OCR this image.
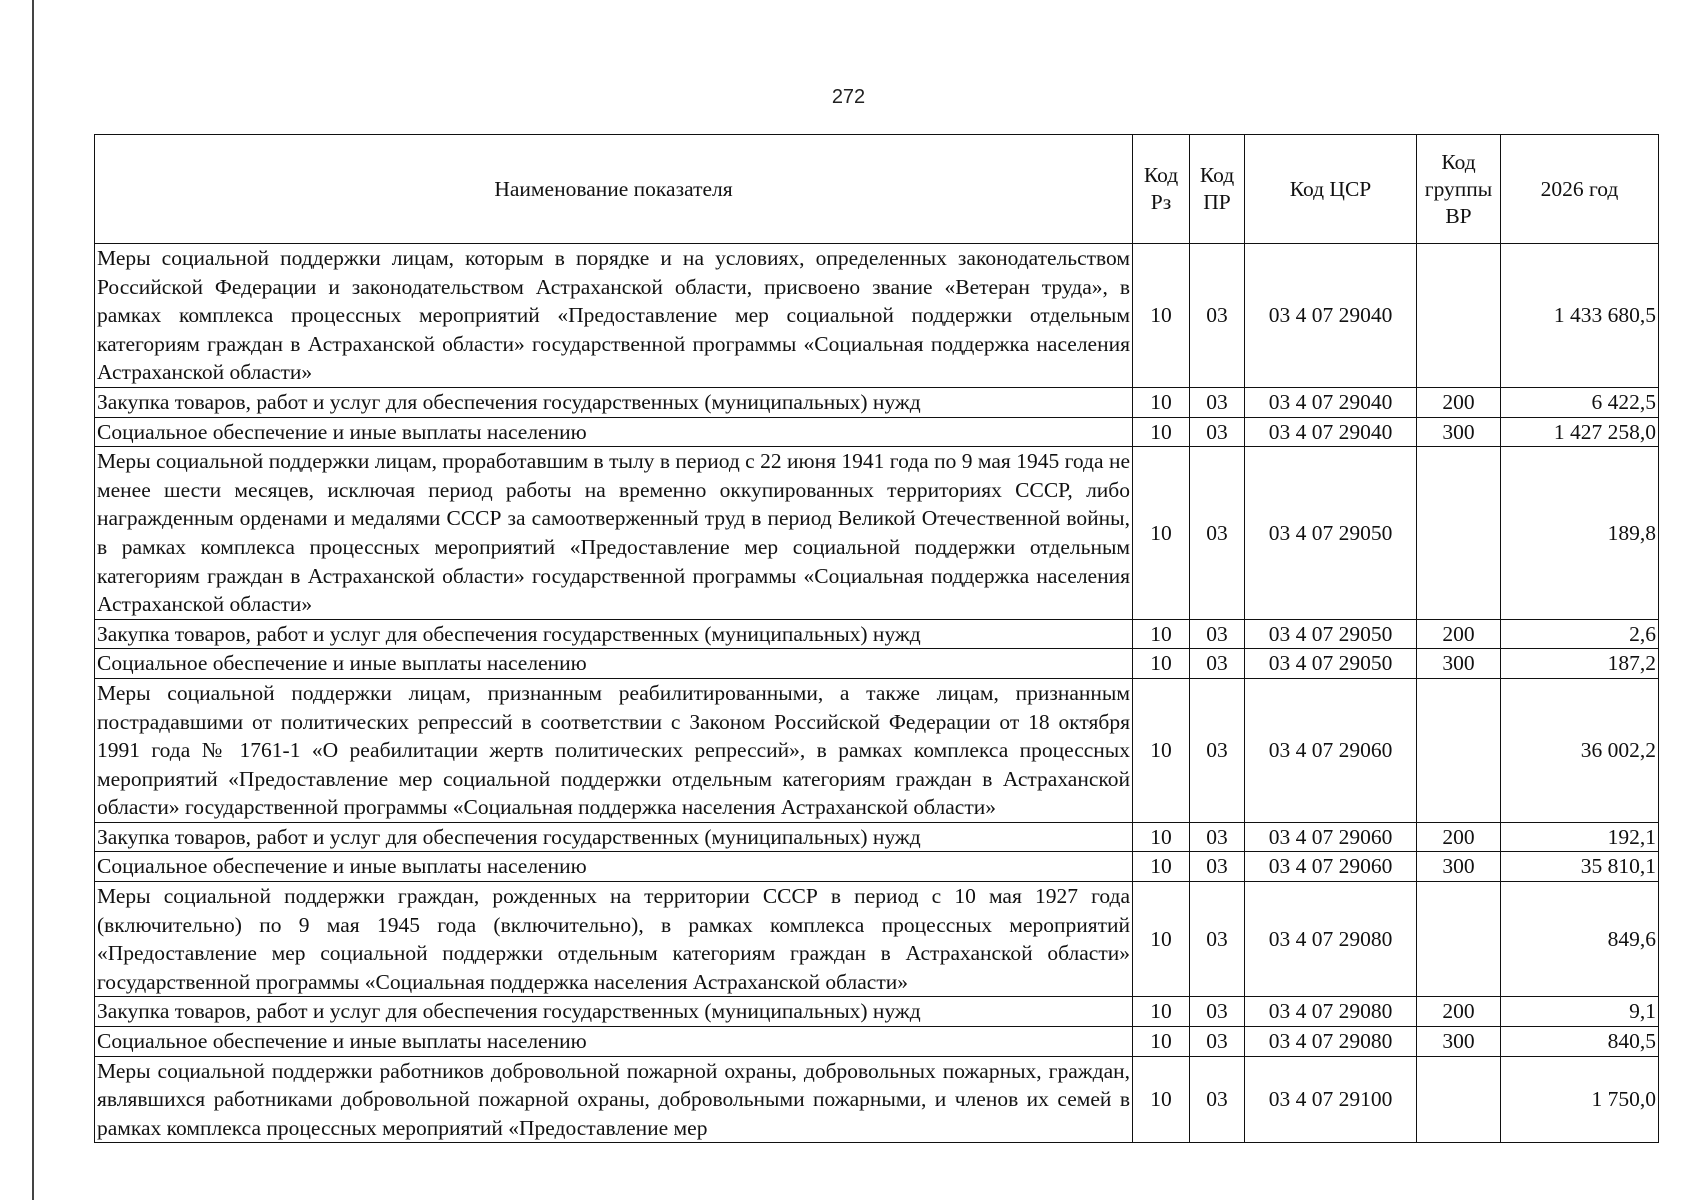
272
Наименование показателя	Код Рз	Код ПР	Код ЦСР	Код группы ВР	2026 год
Меры социальной поддержки лицам, которым в порядке и на условиях, определенных законодательством Российской Федерации и законодательством Астраханской области, присвоено звание «Ветеран труда», в рамках комплекса процессных мероприятий «Предоставление мер социальной поддержки отдельным категориям граждан в Астраханской области» государственной программы «Социальная поддержка населения Астраханской области»	10	03	03 4 07 29040		1 433 680,5
Закупка товаров, работ и услуг для обеспечения государственных (муниципальных) нужд	10	03	03 4 07 29040	200	6 422,5
Социальное обеспечение и иные выплаты населению	10	03	03 4 07 29040	300	1 427 258,0
Меры социальной поддержки лицам, проработавшим в тылу в период с 22 июня 1941 года по 9 мая 1945 года не менее шести месяцев, исключая период работы на временно оккупированных территориях СССР, либо награжденным орденами и медалями СССР за самоотверженный труд в период Великой Отечественной войны, в рамках комплекса процессных мероприятий «Предоставление мер социальной поддержки отдельным категориям граждан в Астраханской области» государственной программы «Социальная поддержка населения Астраханской области»	10	03	03 4 07 29050		189,8
Закупка товаров, работ и услуг для обеспечения государственных (муниципальных) нужд	10	03	03 4 07 29050	200	2,6
Социальное обеспечение и иные выплаты населению	10	03	03 4 07 29050	300	187,2
Меры социальной поддержки лицам, признанным реабилитированными, а также лицам, признанным пострадавшими от политических репрессий в соответствии с Законом Российской Федерации от 18 октября 1991 года № 1761-1 «О реабилитации жертв политических репрессий», в рамках комплекса процессных мероприятий «Предоставление мер социальной поддержки отдельным категориям граждан в Астраханской области» государственной программы «Социальная поддержка населения Астраханской области»	10	03	03 4 07 29060		36 002,2
Закупка товаров, работ и услуг для обеспечения государственных (муниципальных) нужд	10	03	03 4 07 29060	200	192,1
Социальное обеспечение и иные выплаты населению	10	03	03 4 07 29060	300	35 810,1
Меры социальной поддержки граждан, рожденных на территории СССР в период с 10 мая 1927 года (включительно) по 9 мая 1945 года (включительно), в рамках комплекса процессных мероприятий «Предоставление мер социальной поддержки отдельным категориям граждан в Астраханской области» государственной программы «Социальная поддержка населения Астраханской области»	10	03	03 4 07 29080		849,6
Закупка товаров, работ и услуг для обеспечения государственных (муниципальных) нужд	10	03	03 4 07 29080	200	9,1
Социальное обеспечение и иные выплаты населению	10	03	03 4 07 29080	300	840,5
Меры социальной поддержки работников добровольной пожарной охраны, добровольных пожарных, граждан, являвшихся работниками добровольной пожарной охраны, добровольными пожарными, и членов их семей в рамках комплекса процессных мероприятий «Предоставление мер	10	03	03 4 07 29100		1 750,0
